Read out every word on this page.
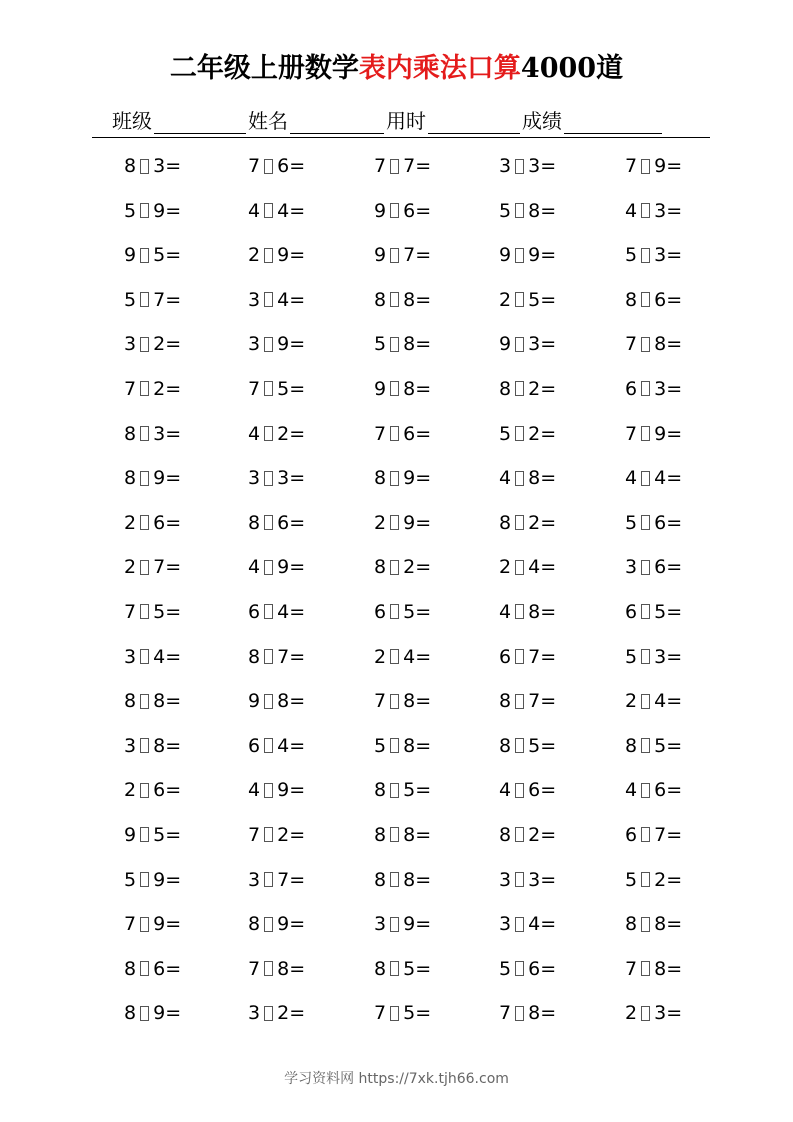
二年级上册数学表内乘法口算4000道
班级	姓名	用时	成绩
8 3 =	7 6 =	7 7 =	3 3 =	7 9 =
5 9 =	4 4 =	9 6 =	5 8 =	4 3 =
9 5 =	2 9 =	9 7 =	9 9 =	5 3 =
5 7 =	3 4 =	8 8 =	2 5 =	8 6 =
3 2 =	3 9 =	5 8 =	9 3 =	7 8 =
7 2 =	7 5 =	9 8 =	8 2 =	6 3 =
8 3 =	4 2 =	7 6 =	5 2 =	7 9 =
8 9 =	3 3 =	8 9 =	4 8 =	4 4 =
2 6 =	8 6 =	2 9 =	8 2 =	5 6 =
2 7 =	4 9 =	8 2 =	2 4 =	3 6 =
7 5 =	6 4 =	6 5 =	4 8 =	6 5 =
3 4 =	8 7 =	2 4 =	6 7 =	5 3 =
8 8 =	9 8 =	7 8 =	8 7 =	2 4 =
3 8 =	6 4 =	5 8 =	8 5 =	8 5 =
2 6 =	4 9 =	8 5 =	4 6 =	4 6 =
9 5 =	7 2 =	8 8 =	8 2 =	6 7 =
5 9 =	3 7 =	8 8 =	3 3 =	5 2 =
7 9 =	8 9 =	3 9 =	3 4 =	8 8 =
8 6 =	7 8 =	8 5 =	5 6 =	7 8 =
8 9 =	3 2 =	7 5 =	7 8 =	2 3 =
学习资料网 https://7xk.tjh66.com
